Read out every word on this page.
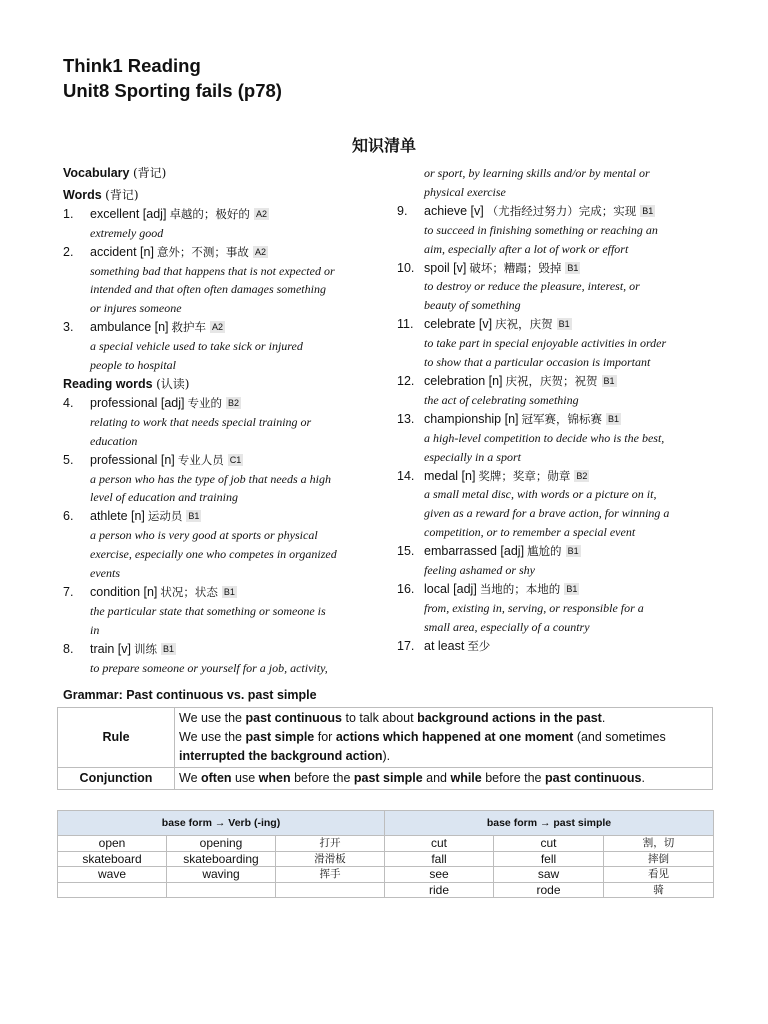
Think1 Reading
Unit8 Sporting fails (p78)
知识清单
Vocabulary (背记)
Words (背记)
1. excellent [adj] 卓越的；极好的 A2
extremely good
2. accident [n] 意外；不测；事故 A2
something bad that happens that is not expected or
intended and that often often damages something
or injures someone
3. ambulance [n] 救护车 A2
a special vehicle used to take sick or injured
people to hospital
Reading words (认读)
4. professional [adj] 专业的 B2
relating to work that needs special training or
education
5. professional [n] 专业人员 C1
a person who has the type of job that needs a high
level of education and training
6. athlete [n] 运动员 B1
a person who is very good at sports or physical
exercise, especially one who competes in organized
events
7. condition [n] 状况；状态 B1
the particular state that something or someone is
in
8. train [v] 训练 B1
to prepare someone or yourself for a job, activity,
or sport, by learning skills and/or by mental or
physical exercise
9. achieve [v] （尤指经过努力）完成；实现 B1
to succeed in finishing something or reaching an
aim, especially after a lot of work or effort
10. spoil [v] 破坏；糟蹋；毁掉 B1
to destroy or reduce the pleasure, interest, or
beauty of something
11. celebrate [v] 庆祝，庆贺 B1
to take part in special enjoyable activities in order
to show that a particular occasion is important
12. celebration [n] 庆祝，庆贺；祝贺 B1
the act of celebrating something
13. championship [n] 冠军赛，锦标赛 B1
a high-level competition to decide who is the best,
especially in a sport
14. medal [n] 奖牌；奖章；勋章 B2
a small metal disc, with words or a picture on it,
given as a reward for a brave action, for winning a
competition, or to remember a special event
15. embarrassed [adj] 尴尬的 B1
feeling ashamed or shy
16. local [adj] 当地的；本地的 B1
from, existing in, serving, or responsible for a
small area, especially of a country
17. at least 至少
Grammar: Past continuous vs. past simple
Rule	We use the past continuous to talk about background actions in the past.
We use the past simple for actions which happened at one moment (and sometimes interrupted the background action).
Conjunction	We often use when before the past simple and while before the past continuous.
base form → Verb (-ing)			base form → past simple		
open	opening	打开	cut	cut	割，切
skateboard	skateboarding	滑滑板	fall	fell	摔倒
wave	waving	挥手	see	saw	看见
			ride	rode	骑
